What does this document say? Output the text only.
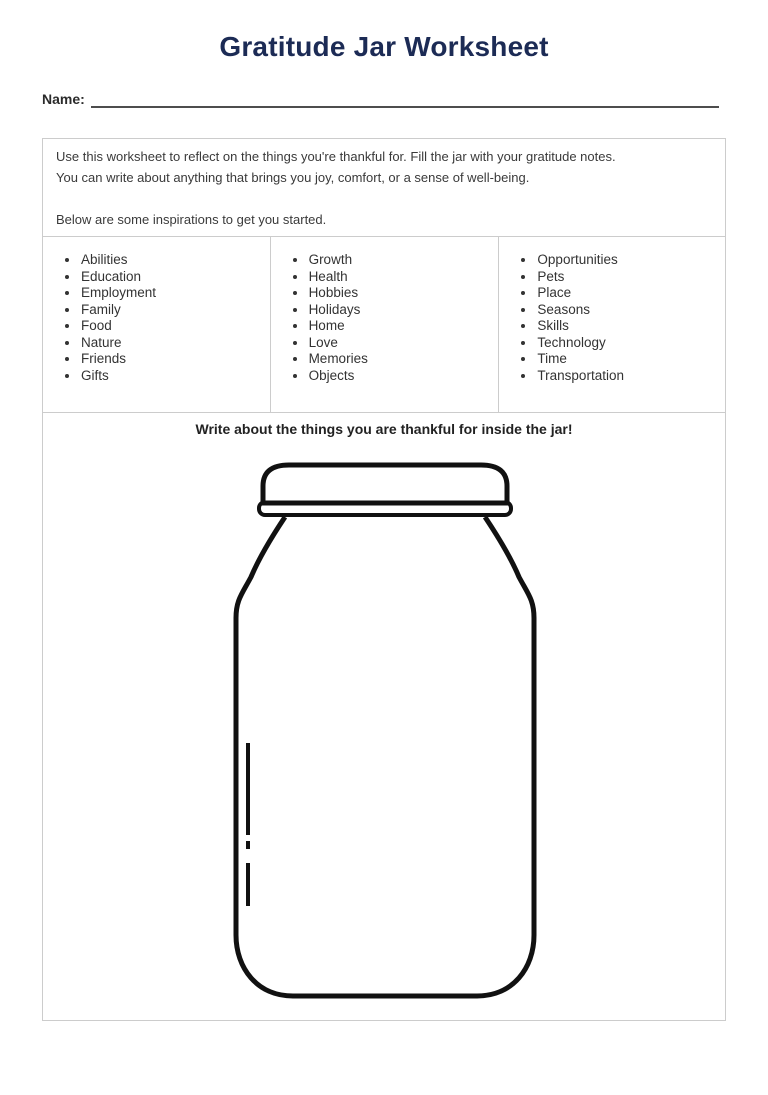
Gratitude Jar Worksheet
Name:
Use this worksheet to reflect on the things you're thankful for. Fill the jar with your gratitude notes.
You can write about anything that brings you joy, comfort, or a sense of well-being.
Below are some inspirations to get you started.
• Abilities
• Education
• Employment
• Family
• Food
• Nature
• Friends
• Gifts
• Growth
• Health
• Hobbies
• Holidays
• Home
• Love
• Memories
• Objects
• Opportunities
• Pets
• Place
• Seasons
• Skills
• Technology
• Time
• Transportation
Write about the things you are thankful for inside the jar!
